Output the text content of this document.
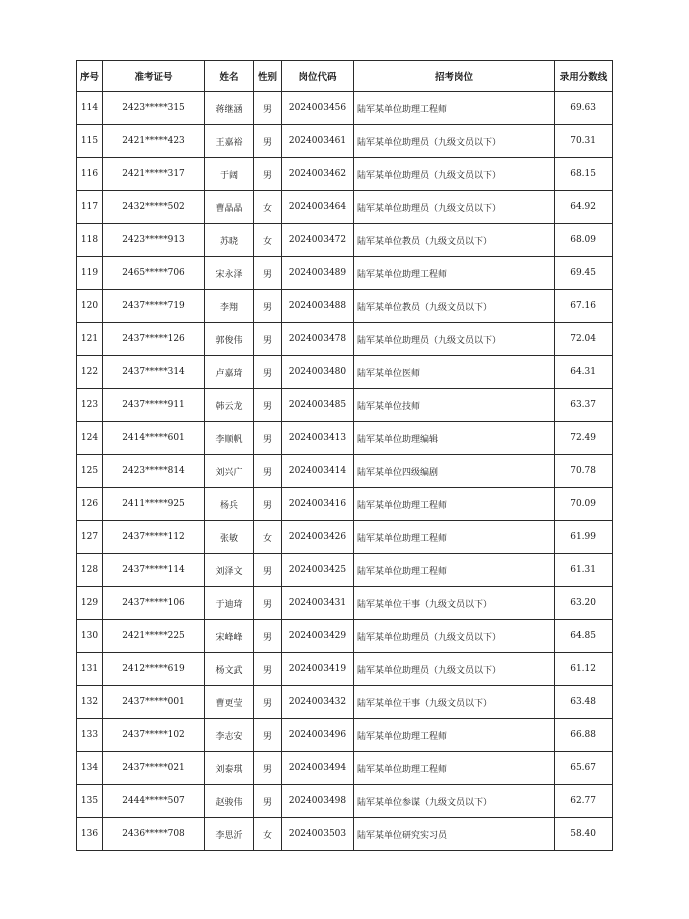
序号	准考证号	姓名	性别	岗位代码	招考岗位	录用分数线
114	2423*****315	蒋继涵	男	2024003456	陆军某单位助理工程师	69.63
115	2421*****423	王嘉裕	男	2024003461	陆军某单位助理员（九级文员以下）	70.31
116	2421*****317	于阔	男	2024003462	陆军某单位助理员（九级文员以下）	68.15
117	2432*****502	曹晶晶	女	2024003464	陆军某单位助理员（九级文员以下）	64.92
118	2423*****913	苏晓	女	2024003472	陆军某单位教员（九级文员以下）	68.09
119	2465*****706	宋永泽	男	2024003489	陆军某单位助理工程师	69.45
120	2437*****719	李翔	男	2024003488	陆军某单位教员（九级文员以下）	67.16
121	2437*****126	郭俊伟	男	2024003478	陆军某单位助理员（九级文员以下）	72.04
122	2437*****314	卢嘉琦	男	2024003480	陆军某单位医师	64.31
123	2437*****911	韩云龙	男	2024003485	陆军某单位技师	63.37
124	2414*****601	李顺帆	男	2024003413	陆军某单位助理编辑	72.49
125	2423*****814	刘兴广	男	2024003414	陆军某单位四级编剧	70.78
126	2411*****925	杨兵	男	2024003416	陆军某单位助理工程师	70.09
127	2437*****112	张敏	女	2024003426	陆军某单位助理工程师	61.99
128	2437*****114	刘泽文	男	2024003425	陆军某单位助理工程师	61.31
129	2437*****106	于迪琦	男	2024003431	陆军某单位干事（九级文员以下）	63.20
130	2421*****225	宋峰峰	男	2024003429	陆军某单位助理员（九级文员以下）	64.85
131	2412*****619	杨文武	男	2024003419	陆军某单位助理员（九级文员以下）	61.12
132	2437*****001	曹更莹	男	2024003432	陆军某单位干事（九级文员以下）	63.48
133	2437*****102	李志安	男	2024003496	陆军某单位助理工程师	66.88
134	2437*****021	刘泰琪	男	2024003494	陆军某单位助理工程师	65.67
135	2444*****507	赵骏伟	男	2024003498	陆军某单位参谋（九级文员以下）	62.77
136	2436*****708	李思沂	女	2024003503	陆军某单位研究实习员	58.40
